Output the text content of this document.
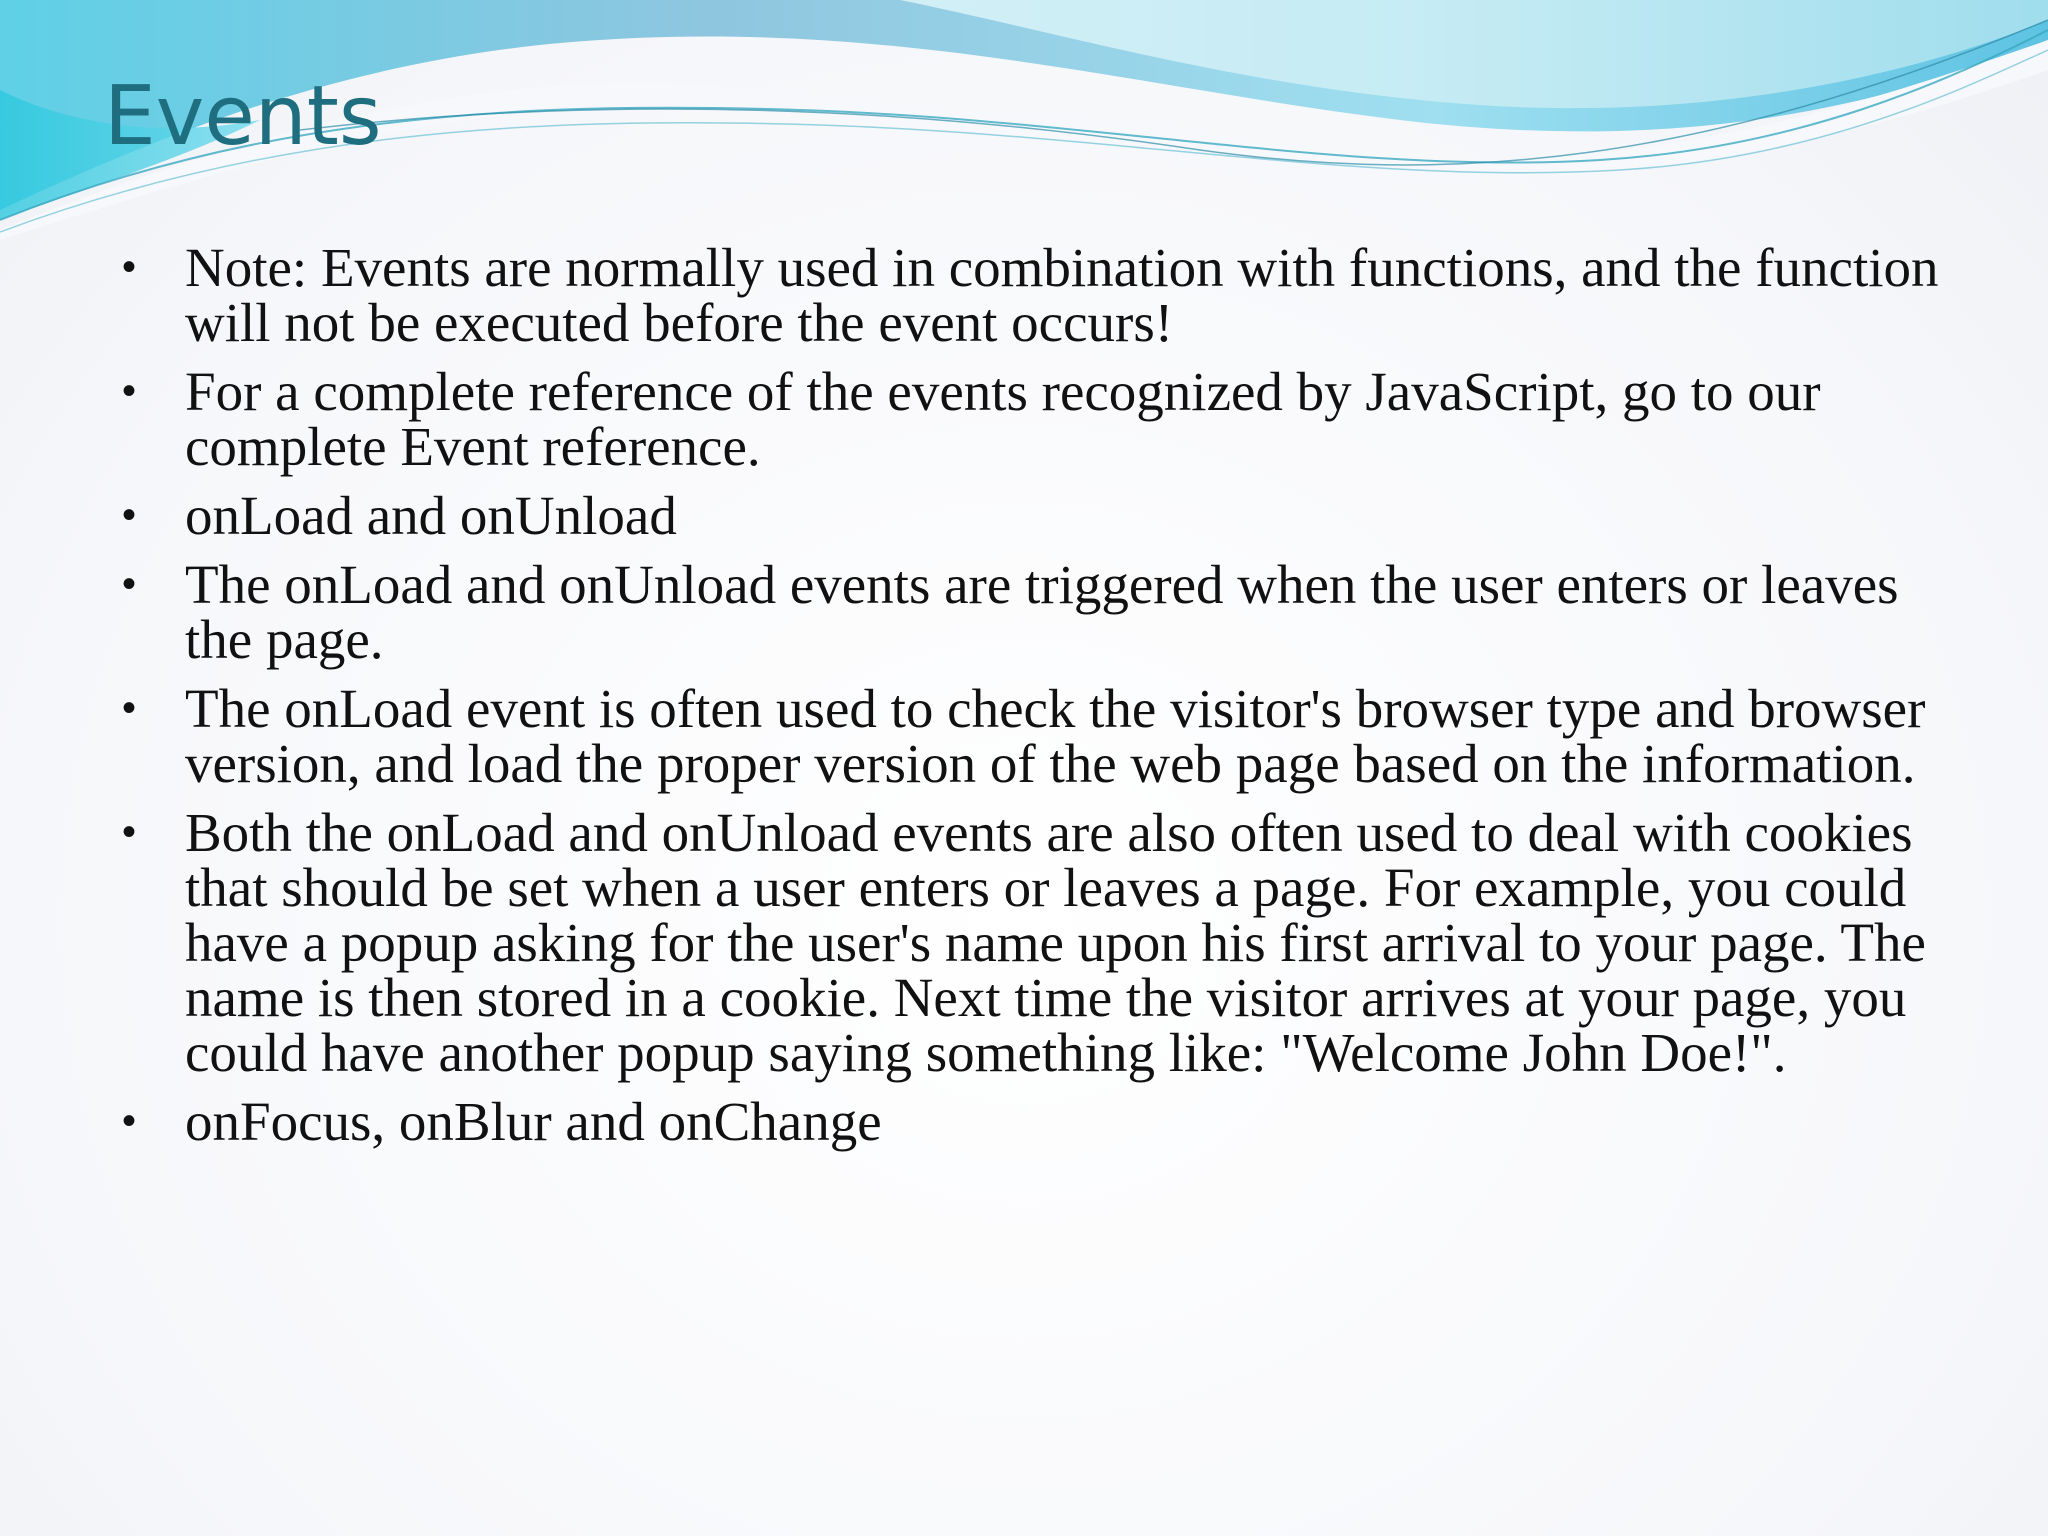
Events
• Note: Events are normally used in combination with functions, and the function will not be executed before the event occurs!
• For a complete reference of the events recognized by JavaScript, go to our complete Event reference.
• onLoad and onUnload
• The onLoad and onUnload events are triggered when the user enters or leaves the page.
• The onLoad event is often used to check the visitor's browser type and browser version, and load the proper version of the web page based on the information.
• Both the onLoad and onUnload events are also often used to deal with cookies that should be set when a user enters or leaves a page. For example, you could have a popup asking for the user's name upon his first arrival to your page. The name is then stored in a cookie. Next time the visitor arrives at your page, you could have another popup saying something like: "Welcome John Doe!".
• onFocus, onBlur and onChange
